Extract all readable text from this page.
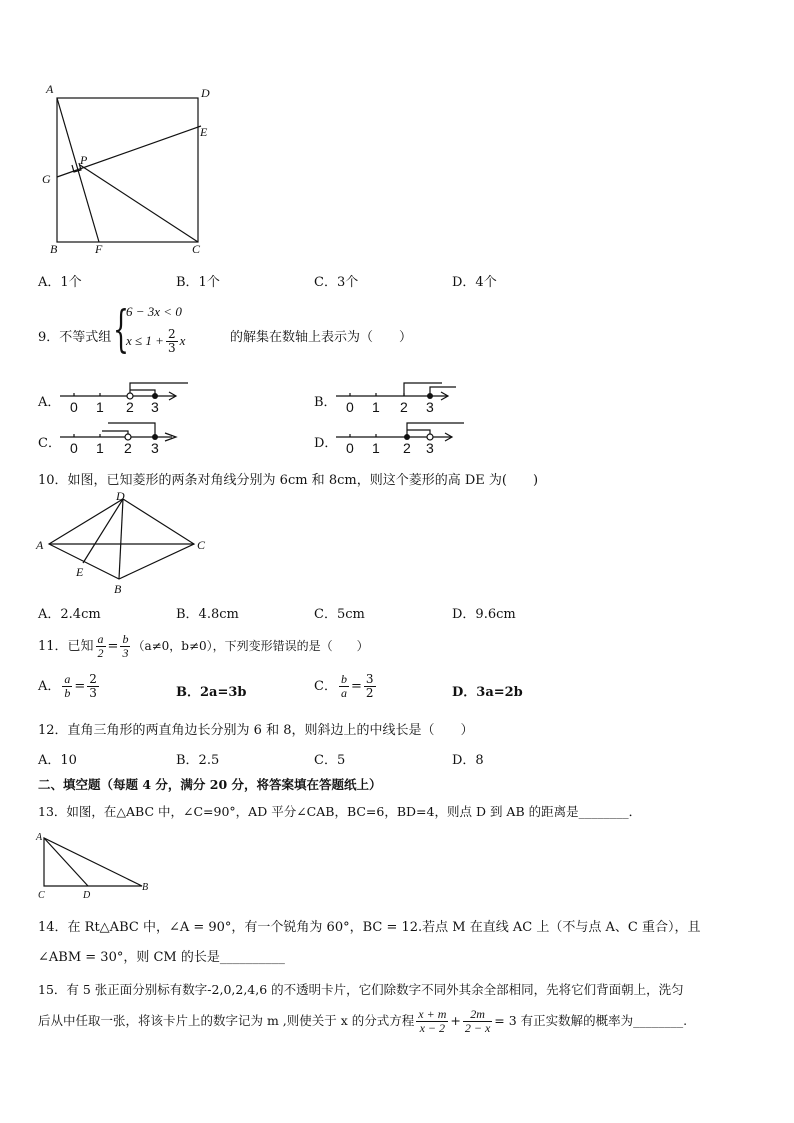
A	D
E
P
G
B	F	C
A．1个	B．1个	C．3个	D．4个
9．不等式组 {
6 − 3x < 0
$x \le 1 + \frac{2}{3}$ x	的解集在数轴上表示为（　　）
A． 0 1 2 3	B． 0 1 2 3
C． 0 1 2 3	D． 0 1 2 3
10．如图，已知菱形的两条对角线分别为 6cm 和 8cm，则这个菱形的高 DE 为(　　)
D
A	C
E
B
A．2.4cm	B．4.8cm	C．5cm	D．9.6cm
11．已知 $\frac{a}{2} = \frac{b}{3} (a\ne 0$，b≠0），下列变形错误的是（　　）
A． $\frac{a}{b} = \frac{2}{3}$	B．2a=3b	C． $\frac{b}{a} = \frac{3}{2}$	D．3a=2b
12．直角三角形的两直角边长分别为 6 和 8，则斜边上的中线长是（　　）
A．10	B．2.5	C．5	D．8
二、填空题（每题 4 分，满分 20 分，将答案填在答题纸上）
13．如图，在△ABC 中，∠C=90°，AD 平分∠CAB，BC=6，BD=4，则点 D 到 AB 的距离是________．
A
C	D
B
14．在 Rt△ABC 中，∠A = 90°，有一个锐角为 60°，BC = 12.若点 M 在直线 AC 上（不与点 A、C 重合），且
∠ABM = 30°，则 CM 的长是__________
15．有 5 张正面分别标有数字-2,0,2,4,6 的不透明卡片，它们除数字不同外其余全部相同，先将它们背面朝上，洗匀
后从中任取一张，将该卡片上的数字记为 m ,则使关于 x 的分式方程 $\frac{x + m}{x - 2} + \frac{2m}{2 - x} = 3$ 有正实数解的概率为________.
